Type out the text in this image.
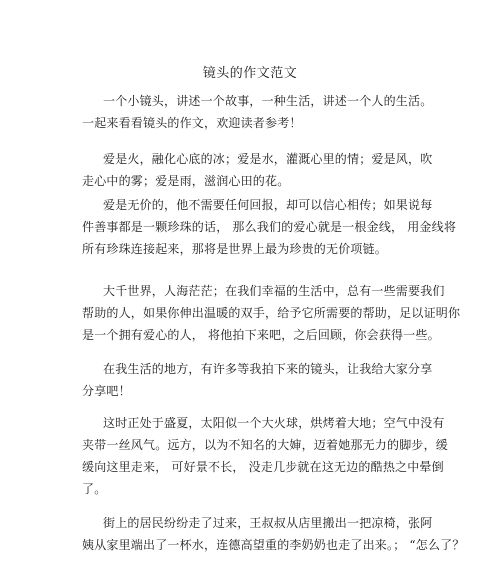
镜头的作文范文
一个小镜头，讲述一个故事，一种生活，讲述一个人的生活。
一起来看看镜头的作文，欢迎读者参考！
爱是火，融化心底的冰；爱是水，灌溉心里的情；爱是风，吹
走心中的雾；爱是雨，滋润心田的花。
爱是无价的，他不需要任何回报，却可以信心相传；如果说每
件善事都是一颗珍珠的话， 那么我们的爱心就是一根金线， 用金线将
所有珍珠连接起来，那将是世界上最为珍贵的无价项链。
大千世界，人海茫茫；在我们幸福的生活中，总有一些需要我们
帮助的人，如果你伸出温暖的双手，给予它所需要的帮助，足以证明你
是一个拥有爱心的人， 将他拍下来吧，之后回顾，你会获得一些。
在我生活的地方，有许多等我拍下来的镜头，让我给大家分享
分享吧！
这时正处于盛夏，太阳似一个大火球，烘烤着大地；空气中没有
夹带一丝风气。远方，以为不知名的大婶，迈着她那无力的脚步，缓
缓向这里走来， 可好景不长， 没走几步就在这无边的酷热之中晕倒
了。
街上的居民纷纷走了过来，王叔叔从店里搬出一把凉椅，张阿
姨从家里端出了一杯水，连德高望重的李奶奶也走了出来。； “怎么了？
